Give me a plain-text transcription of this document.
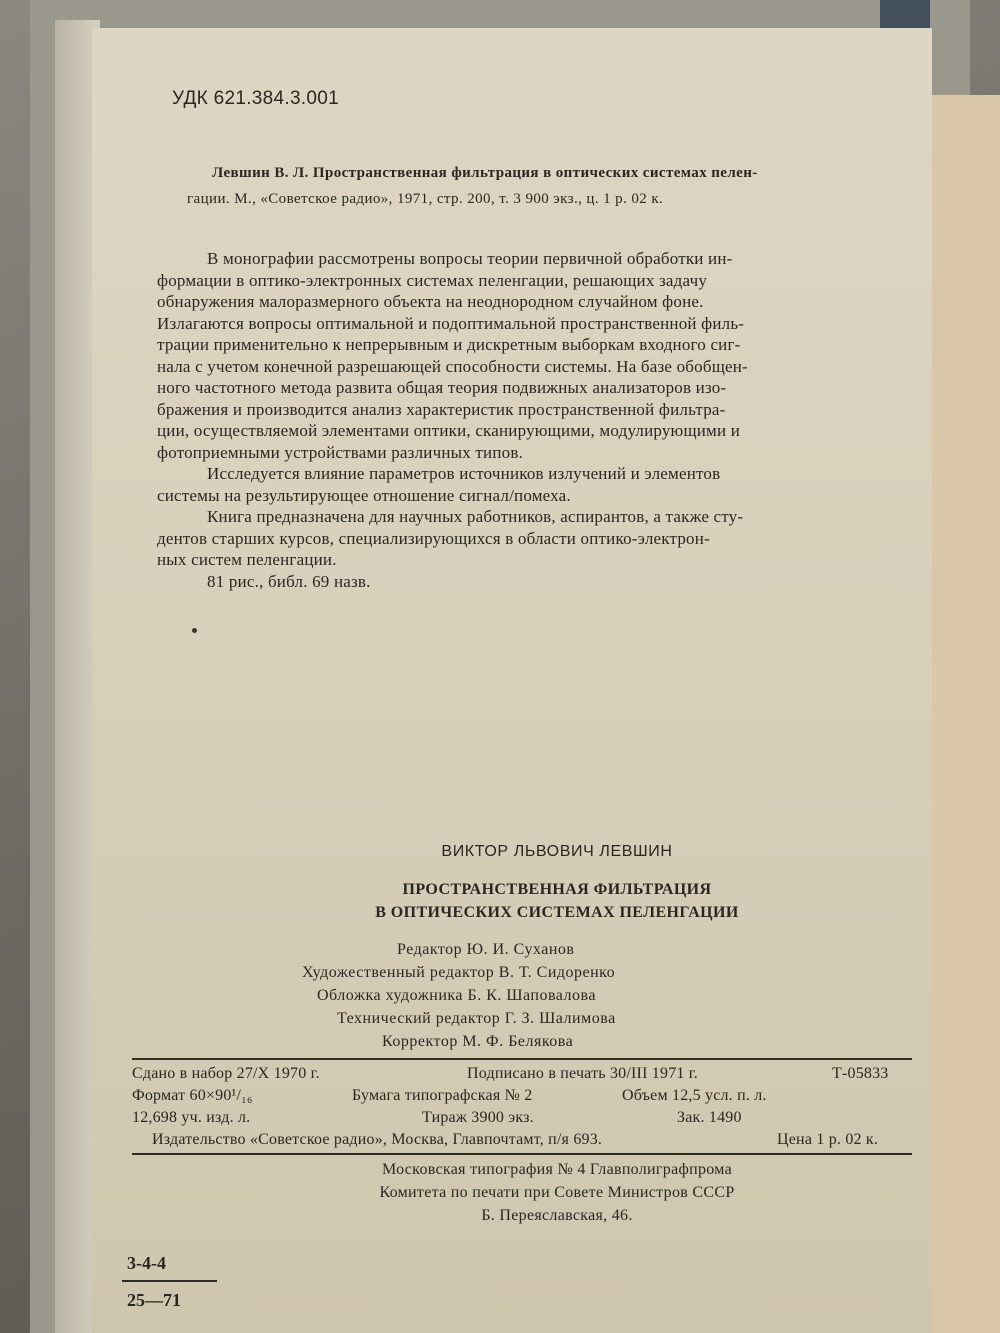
УДК 621.384.3.001
Левшин В. Л. Пространственная фильтрация в оптических системах пелен-
гации. М., «Советское радио», 1971, стр. 200, т. 3 900 экз., ц. 1 р. 02 к.
В монографии рассмотрены вопросы теории первичной обработки ин-
формации в оптико-электронных системах пеленгации, решающих задачу
обнаружения малоразмерного объекта на неоднородном случайном фоне.
Излагаются вопросы оптимальной и подоптимальной пространственной филь-
трации применительно к непрерывным и дискретным выборкам входного сиг-
нала с учетом конечной разрешающей способности системы. На базе обобщен-
ного частотного метода развита общая теория подвижных анализаторов изо-
бражения и производится анализ характеристик пространственной фильтра-
ции, осуществляемой элементами оптики, сканирующими, модулирующими и
фотоприемными устройствами различных типов.
Исследуется влияние параметров источников излучений и элементов
системы на результирующее отношение сигнал/помеха.
Книга предназначена для научных работников, аспирантов, а также сту-
дентов старших курсов, специализирующихся в области оптико-электрон-
ных систем пеленгации.
81 рис., библ. 69 назв.
ВИКТОР ЛЬВОВИЧ ЛЕВШИН
ПРОСТРАНСТВЕННАЯ ФИЛЬТРАЦИЯ
В ОПТИЧЕСКИХ СИСТЕМАХ ПЕЛЕНГАЦИИ
Редактор Ю. И. Суханов
Художественный редактор В. Т. Сидоренко
Обложка художника Б. К. Шаповалова
Технический редактор Г. З. Шалимова
Корректор М. Ф. Белякова
Сдано в набор 27/X 1970 г.	Подписано в печать 30/III 1971 г.	Т-05833
Формат 60×90¹/₁₆	Бумага типографская № 2	Объем 12,5 усл. п. л.
12,698 уч. изд. л.	Тираж 3900 экз.	Зак. 1490
Издательство «Советское радио», Москва, Главпочтамт, п/я 693.	Цена 1 р. 02 к.
Московская типография № 4 Главполиграфпрома
Комитета по печати при Совете Министров СССР
Б. Переяславская, 46.
3-4-4
25—71
